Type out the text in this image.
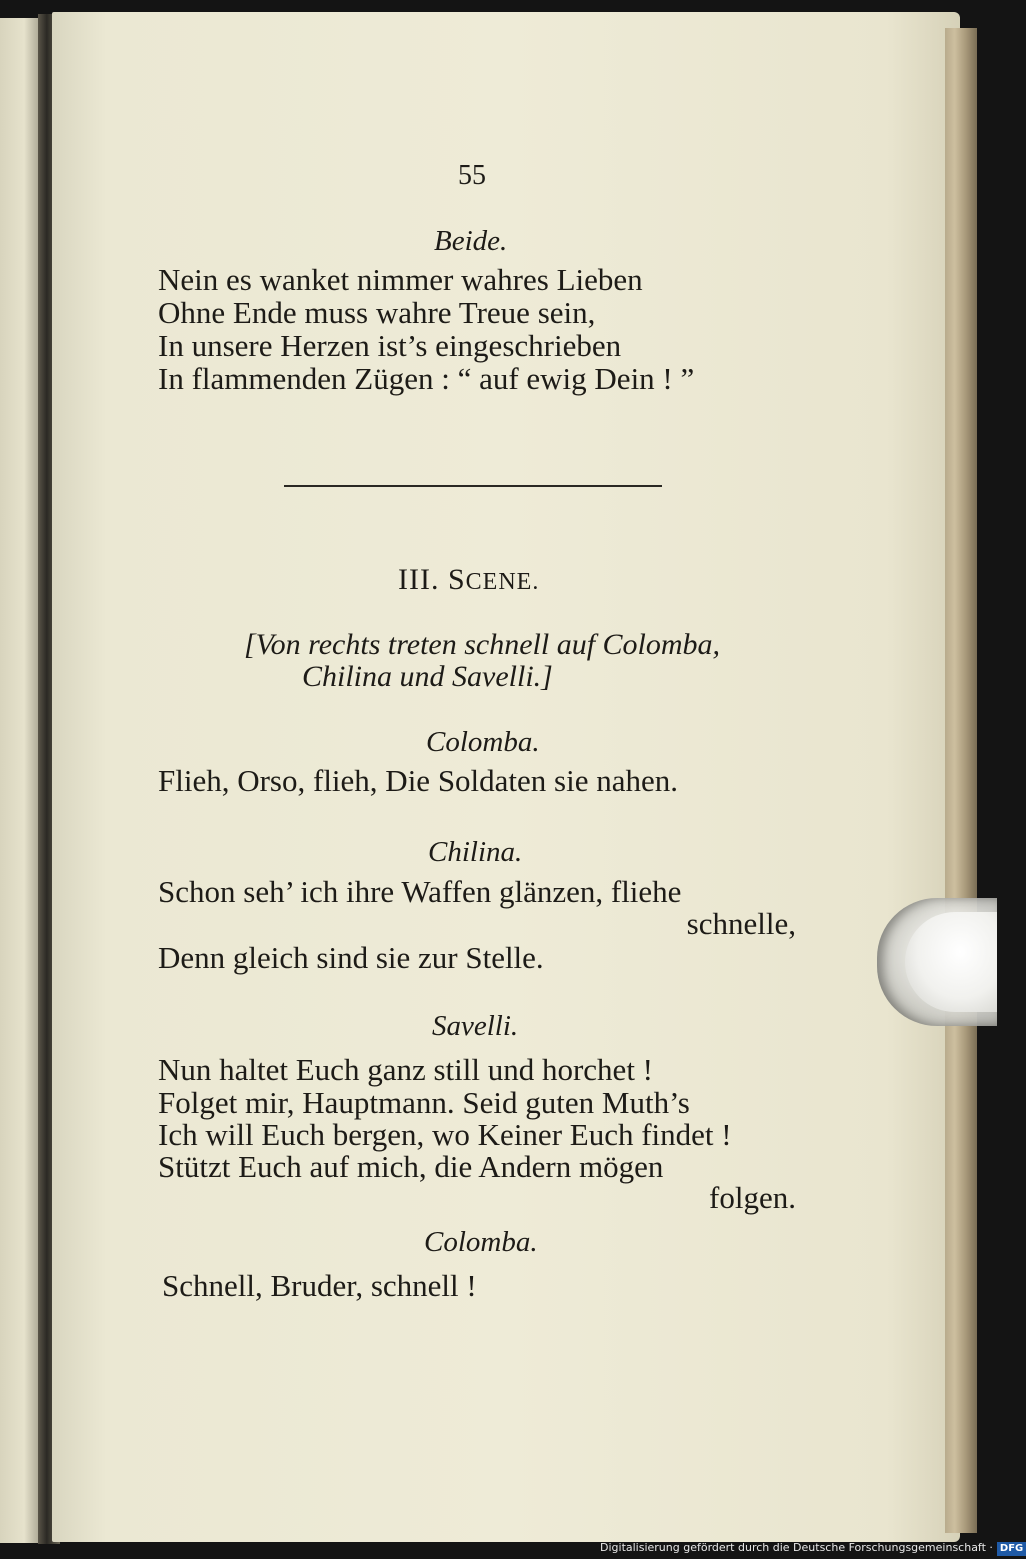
55
Beide.
Nein es wanket nimmer wahres Lieben
Ohne Ende muss wahre Treue sein,
In unsere Herzen ist’s eingeschrieben
In flammenden Zügen : “ auf ewig Dein ! ”
III. SCENE.
[Von rechts treten schnell auf Colomba,
Chilina und Savelli.]
Colomba.
Flieh, Orso, flieh, Die Soldaten sie nahen.
Chilina.
Schon seh’ ich ihre Waffen glänzen, fliehe
schnelle,
Denn gleich sind sie zur Stelle.
Savelli.
Nun haltet Euch ganz still und horchet !
Folget mir, Hauptmann. Seid guten Muth’s
Ich will Euch bergen, wo Keiner Euch findet !
Stützt Euch auf mich, die Andern mögen
folgen.
Colomba.
Schnell, Bruder, schnell !
Digitalisierung gefördert durch die Deutsche Forschungsgemeinschaft · DFG
